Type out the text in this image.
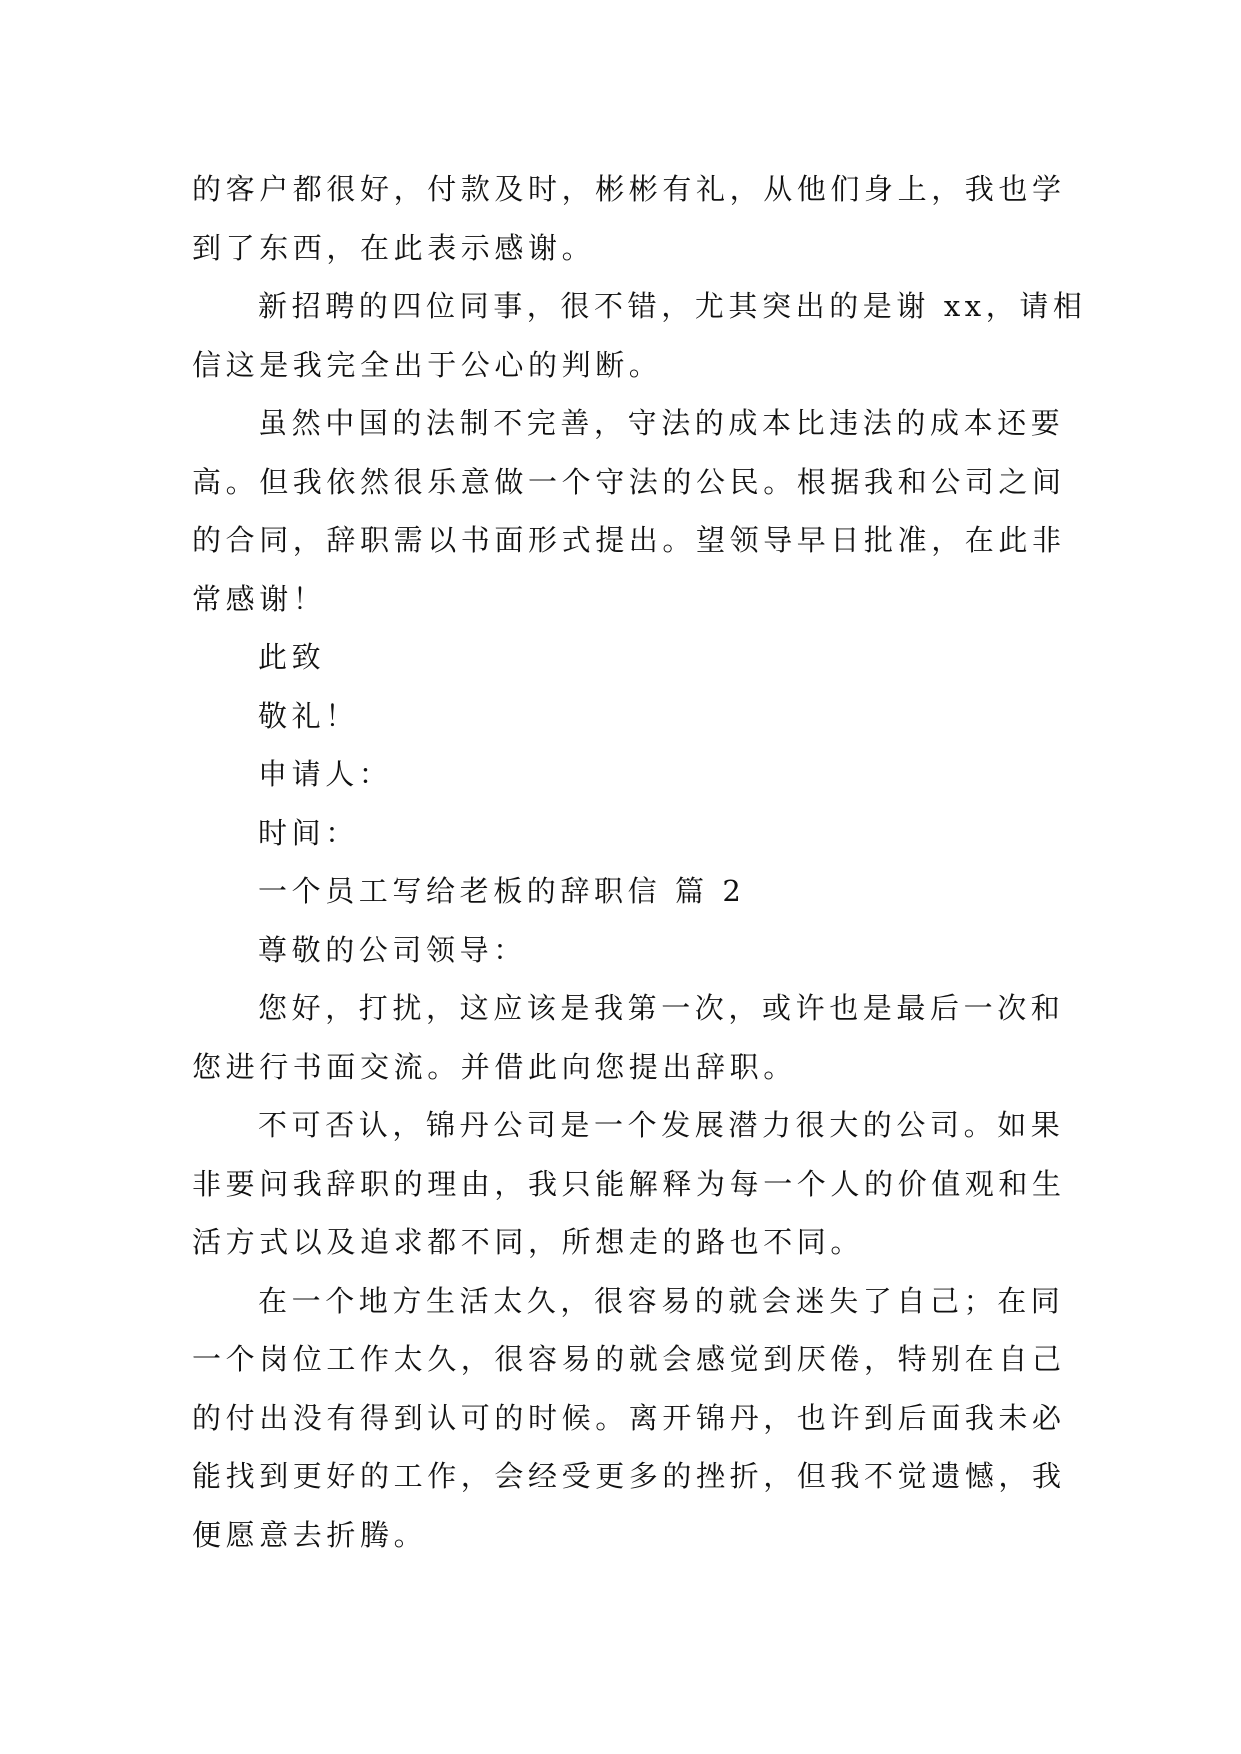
的客户都很好，付款及时，彬彬有礼，从他们身上，我也学
到了东西，在此表示感谢。
新招聘的四位同事，很不错，尤其突出的是谢 xx，请相
信这是我完全出于公心的判断。
虽然中国的法制不完善，守法的成本比违法的成本还要
高。但我依然很乐意做一个守法的公民。根据我和公司之间
的合同，辞职需以书面形式提出。望领导早日批准，在此非
常感谢！
此致
敬礼！
申请人：
时间：
一个员工写给老板的辞职信 篇 2
尊敬的公司领导：
您好，打扰，这应该是我第一次，或许也是最后一次和
您进行书面交流。并借此向您提出辞职。
不可否认，锦丹公司是一个发展潜力很大的公司。如果
非要问我辞职的理由，我只能解释为每一个人的价值观和生
活方式以及追求都不同，所想走的路也不同。
在一个地方生活太久，很容易的就会迷失了自己；在同
一个岗位工作太久，很容易的就会感觉到厌倦，特别在自己
的付出没有得到认可的时候。离开锦丹，也许到后面我未必
能找到更好的工作，会经受更多的挫折，但我不觉遗憾，我
便愿意去折腾。
